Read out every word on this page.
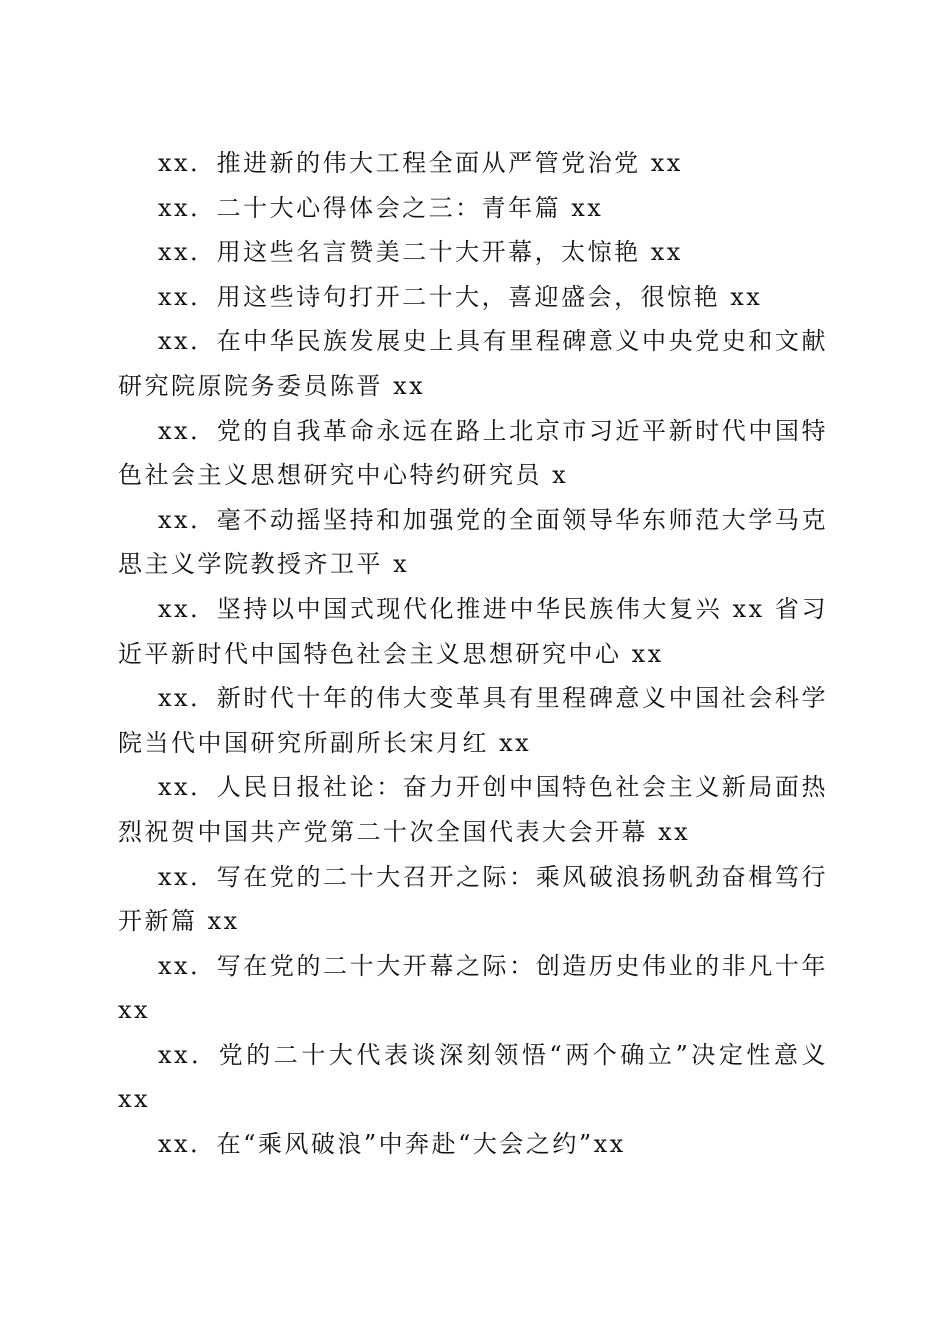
xx．推进新的伟大工程全面从严管党治党 xx

xx．二十大心得体会之三：青年篇 xx

xx．用这些名言赞美二十大开幕，太惊艳 xx

xx．用这些诗句打开二十大，喜迎盛会，很惊艳 xx

xx．在中华民族发展史上具有里程碑意义中央党史和文献研究院原院务委员陈晋 xx

xx．党的自我革命永远在路上北京市习近平新时代中国特色社会主义思想研究中心特约研究员 x

xx．毫不动摇坚持和加强党的全面领导华东师范大学马克思主义学院教授齐卫平 x

xx．坚持以中国式现代化推进中华民族伟大复兴 xx 省习近平新时代中国特色社会主义思想研究中心 xx

xx．新时代十年的伟大变革具有里程碑意义中国社会科学院当代中国研究所副所长宋月红 xx

xx．人民日报社论：奋力开创中国特色社会主义新局面热烈祝贺中国共产党第二十次全国代表大会开幕 xx

xx．写在党的二十大召开之际：乘风破浪扬帆劲奋楫笃行开新篇 xx

xx．写在党的二十大开幕之际：创造历史伟业的非凡十年 xx

xx．党的二十大代表谈深刻领悟“两个确立”决定性意义 xx

xx．在“乘风破浪”中奔赴“大会之约”xx
